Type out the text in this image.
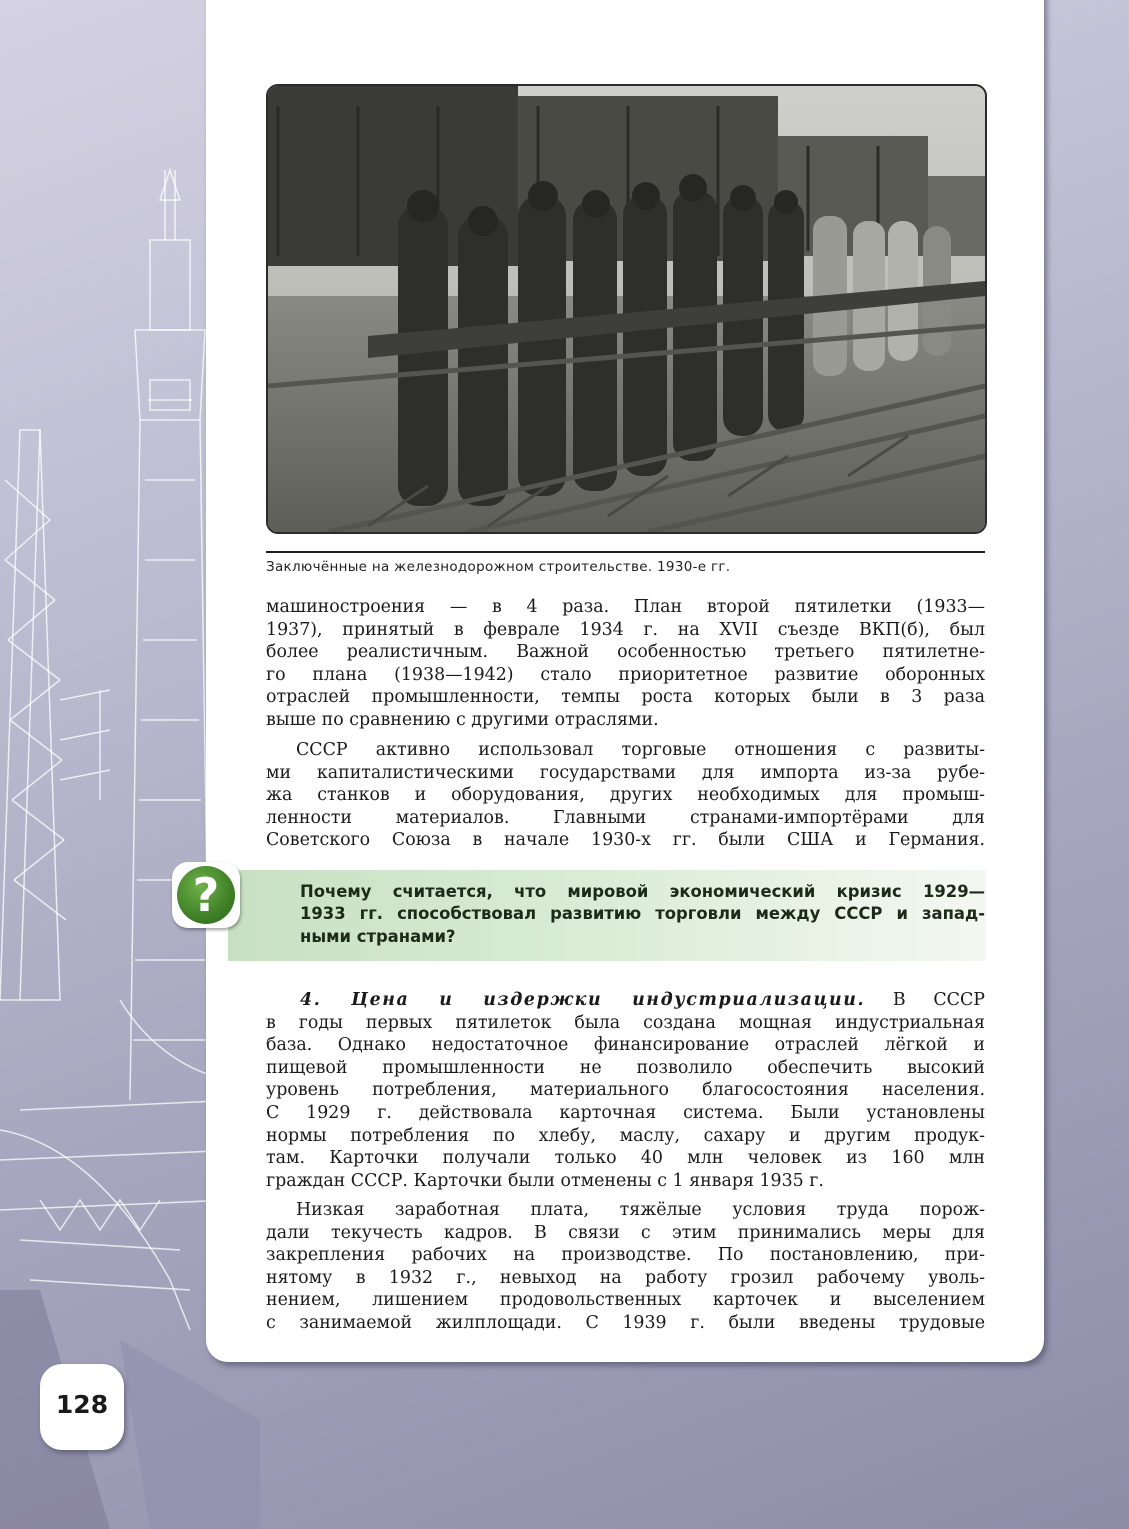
Заключённые на железнодорожном строительстве. 1930-е гг.
машиностроения — в 4 раза. План второй пятилетки (1933—
1937), принятый в феврале 1934 г. на XVII съезде ВКП(б), был
более реалистичным. Важной особенностью третьего пятилетне-
го плана (1938—1942) стало приоритетное развитие оборонных
отраслей промышленности, темпы роста которых были в 3 раза
выше по сравнению с другими отраслями.
СССР активно использовал торговые отношения с развиты-
ми капиталистическими государствами для импорта из-за рубе-
жа станков и оборудования, других необходимых для промыш-
ленности материалов. Главными странами-импортёрами для
Советского Союза в начале 1930-х гг. были США и Германия.
?	Почему считается, что мировой экономический кризис 1929—
1933 гг. способствовал развитию торговли между СССР и запад-
ными странами?
4. Цена и издержки индустриализации. В СССР
в годы первых пятилеток была создана мощная индустриальная
база. Однако недостаточное финансирование отраслей лёгкой и
пищевой промышленности не позволило обеспечить высокий
уровень потребления, материального благосостояния населения.
С 1929 г. действовала карточная система. Были установлены
нормы потребления по хлебу, маслу, сахару и другим продук-
там. Карточки получали только 40 млн человек из 160 млн
граждан СССР. Карточки были отменены с 1 января 1935 г.
Низкая заработная плата, тяжёлые условия труда порож-
дали текучесть кадров. В связи с этим принимались меры для
закрепления рабочих на производстве. По постановлению, при-
нятому в 1932 г., невыход на работу грозил рабочему уволь-
нением, лишением продовольственных карточек и выселением
с занимаемой жилплощади. С 1939 г. были введены трудовые
128
